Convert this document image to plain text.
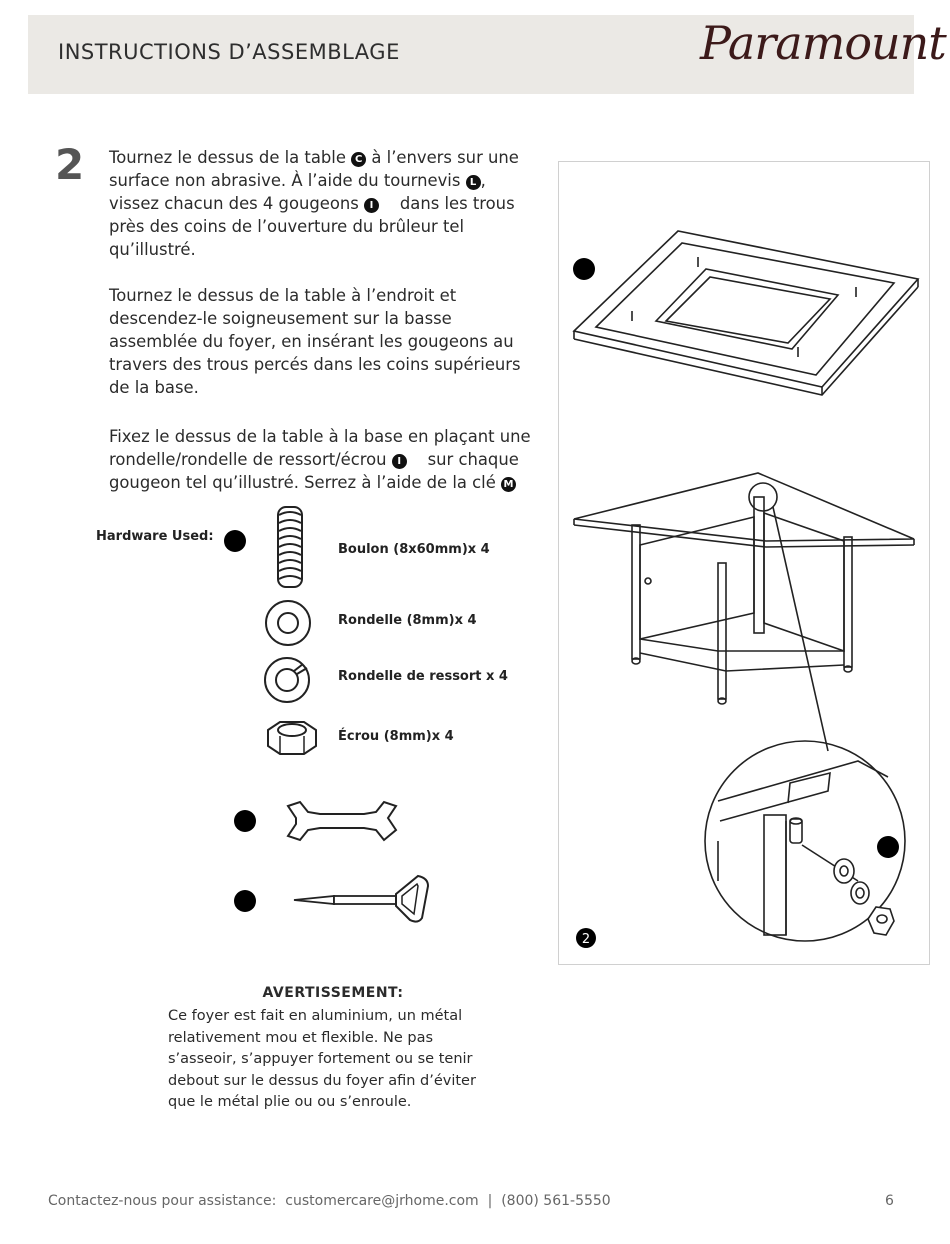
INSTRUCTIONS D’ASSEMBLAGE	Paramount
2 Tournez le dessus de la table C à l’envers sur une surface non abrasive. À l’aide du tournevis L , vissez chacun des 4 gougeons I    dans les trous près des coins de l’ouverture du brûleur tel qu’illustré.
Tournez le dessus de la table à l’endroit et descendez-le soigneusement sur la basse assemblée du foyer, en insérant les gougeons au travers des trous percés dans les coins supérieurs de la base.
Fixez le dessus de la table à la base en plaçant une rondelle/rondelle de ressort/écrou I    sur chaque gougeon tel qu’illustré. Serrez à l’aide de la clé M
Hardware Used:
Boulon (8x60mm)x 4
Rondelle (8mm)x 4
Rondelle de ressort x 4
Écrou (8mm)x 4
2
AVERTISSEMENT:
Ce foyer est fait en aluminium, un métal relativement mou et flexible. Ne pas s’asseoir, s’appuyer fortement ou se tenir debout sur le dessus du foyer afin d’éviter que le métal plie ou ou s’enroule.
Contactez-nous pour assistance:  customercare@jrhome.com  |  (800) 561-5550	6
